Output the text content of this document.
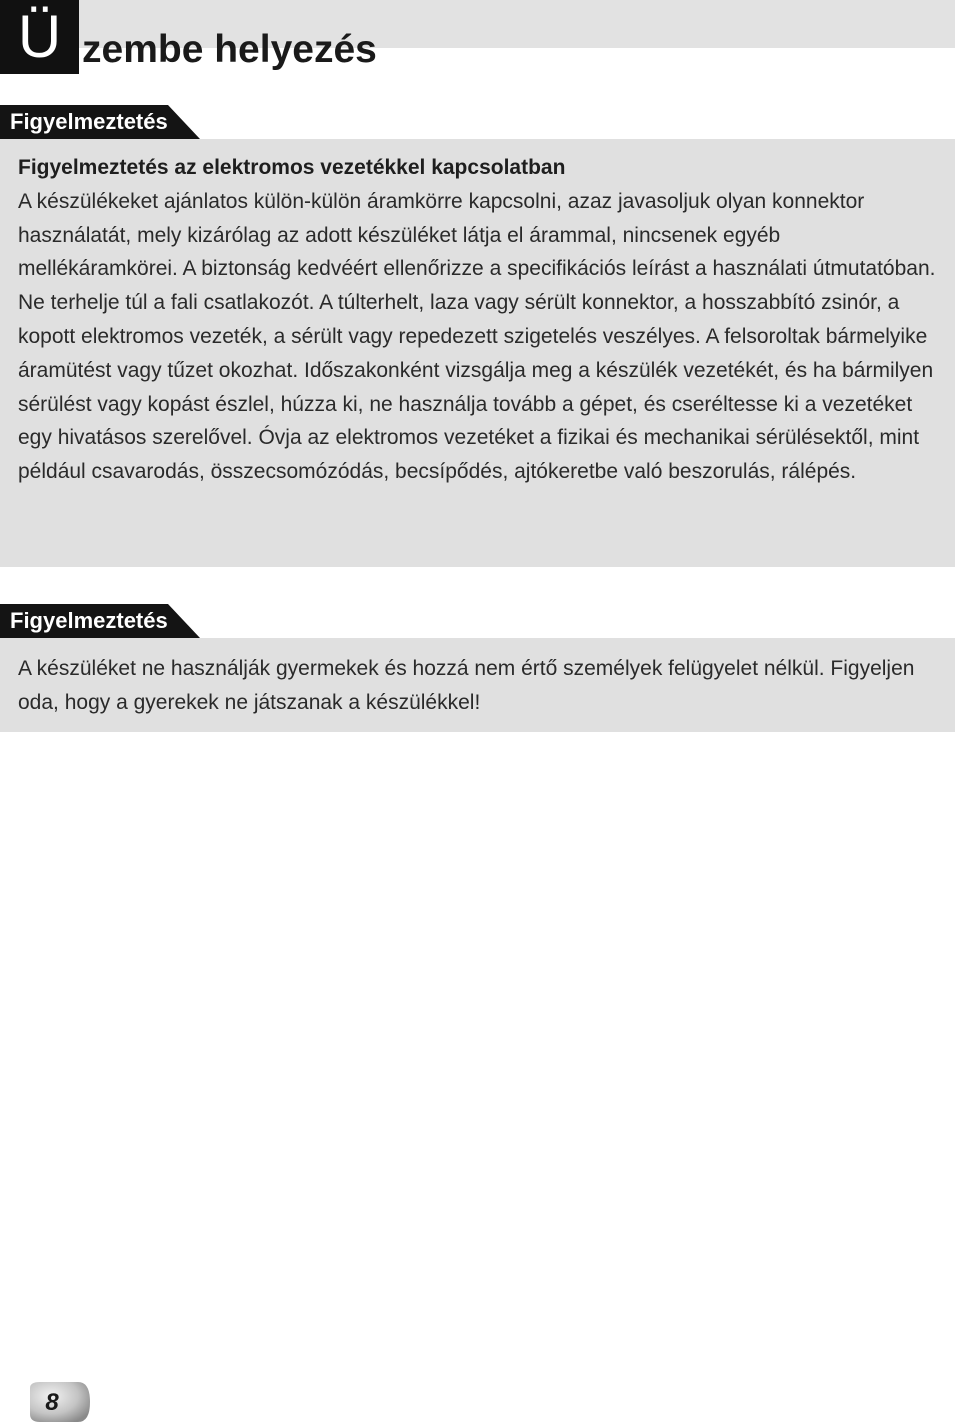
Ü zembe helyezés
Figyelmeztetés

Figyelmeztetés az elektromos vezetékkel kapcsolatban

A készülékeket ajánlatos külön-külön áramkörre kapcsolni, azaz javasoljuk olyan konnektor használatát, mely kizárólag az adott készüléket látja el árammal, nincsenek egyéb mellékáramkörei. A biztonság kedvéért ellenőrizze a specifikációs leírást a használati útmutatóban.

Ne terhelje túl a fali csatlakozót. A túlterhelt, laza vagy sérült konnektor, a hosszabbító zsinór, a kopott elektromos vezeték, a sérült vagy repedezett szigetelés veszélyes. A felsoroltak bármelyike áramütést vagy tűzet okozhat. Időszakonként vizsgálja meg a készülék vezetékét, és ha bármilyen sérülést vagy kopást észlel, húzza ki, ne használja tovább a gépet, és cseréltesse ki a vezetéket egy hivatásos szerelővel. Óvja az elektromos vezetéket a fizikai és mechanikai sérülésektől, mint például csavarodás, összecsomózódás, becsípődés, ajtókeretbe való beszorulás, rálépés.

Figyelmeztetés

A készüléket ne használják gyermekek és hozzá nem értő személyek felügyelet nélkül. Figyeljen oda, hogy a gyerekek ne játszanak a készülékkel!

8
